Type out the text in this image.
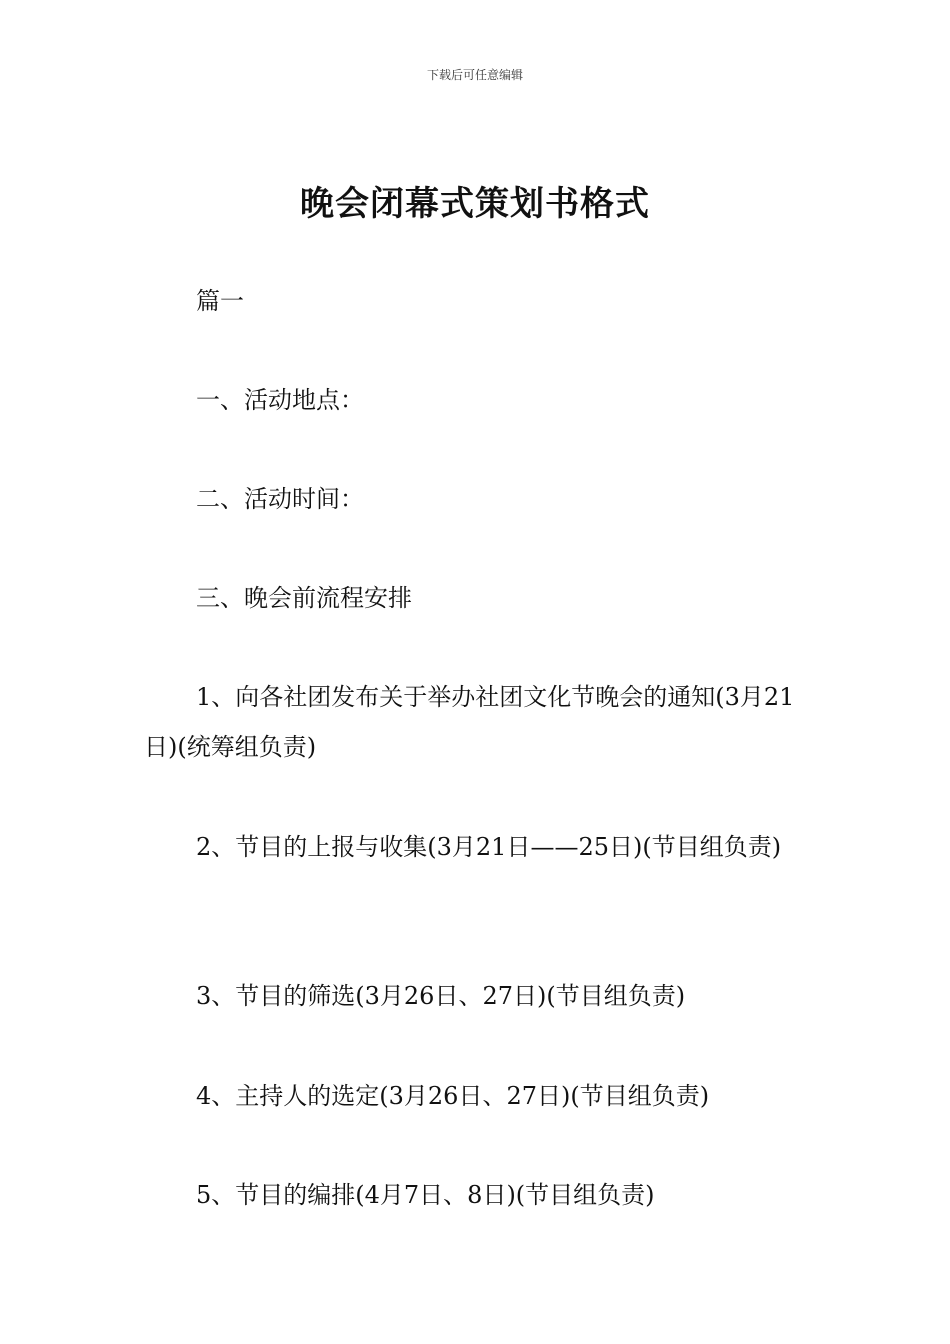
下载后可任意编辑
晚会闭幕式策划书格式

篇一

一、活动地点：

二、活动时间：

三、晚会前流程安排

1、向各社团发布关于举办社团文化节晚会的通知(3月21日)(统筹组负责)

2、节目的上报与收集(3月21日——25日)(节目组负责)

3、节目的筛选(3月26日、27日)(节目组负责)

4、主持人的选定(3月26日、27日)(节目组负责)

5、节目的编排(4月7日、8日)(节目组负责)
